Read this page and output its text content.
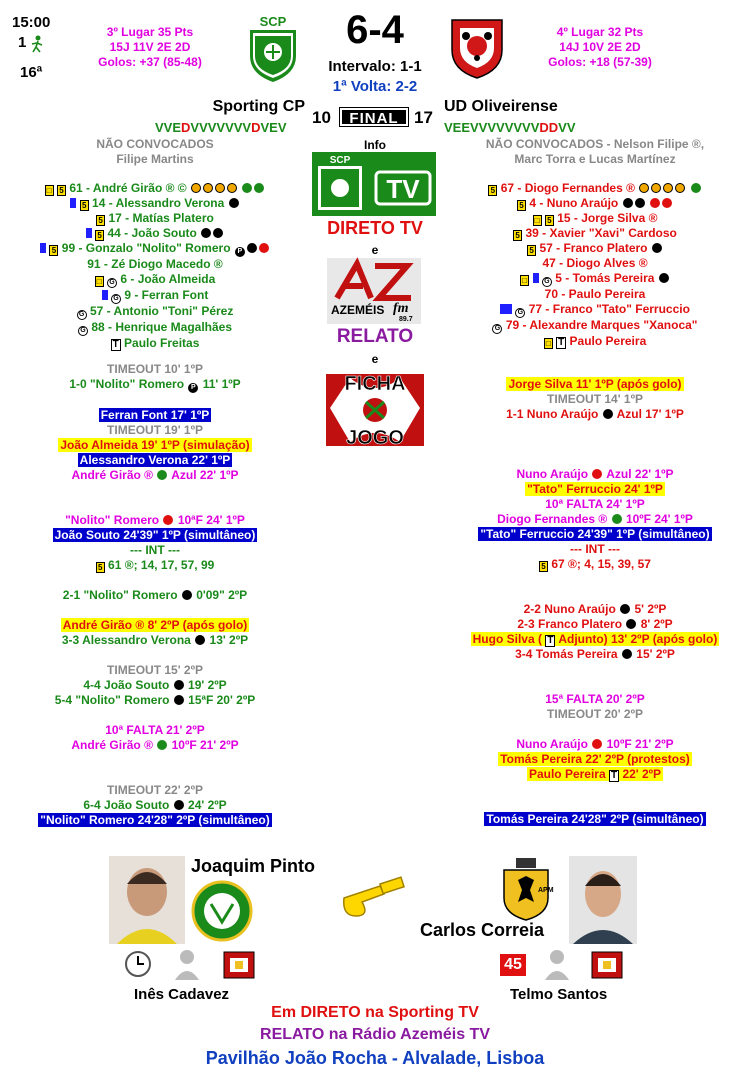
15:00
1
16ª
3º Lugar 35 Pts
15J 11V 2E 2D
Golos: +37 (85-48)
SCP	6-4
Intervalo: 1-1
1ª Volta: 2-2
4º Lugar 32 Pts
14J 10V 2E 2D
Golos: +18 (57-39)
Sporting CP
10	FINAL 17
UD Oliveirense
VVEDVVVVVVVDVEV	VEEVVVVVVVVDDVV
NÃO CONVOCADOS
Filipe Martins
□ 5 61 - André Girão ® ©
5 14 - Alessandro Verona
5 17 - Matías Platero
5 44 - João Souto
5 99 - Gonzalo "Nolito" Romero P
91 - Zé Diogo Macedo ®
□ G 6 - João Almeida
G 9 - Ferran Font
G 57 - Antonio "Toni" Pérez
G 88 - Henrique Magalhães
T Paulo Freitas
NÃO CONVOCADOS - Nelson Filipe ®,
Marc Torra e Lucas Martínez
5 67 - Diogo Fernandes ®
5 4 - Nuno Araújo
□ 5 15 - Jorge Silva ®
5 39 - Xavier "Xavi" Cardoso
5 57 - Franco Platero
47 - Diogo Alves ®
□ G 5 - Tomás Pereira
70 - Paulo Pereira
G 77 - Franco "Tato" Ferruccio
G 79 - Alexandre Marques "Xanoca"
□ T Paulo Pereira
Info
SCP
TV
DIRETO TV
e
AZEMÉIS fm
89.7
RELATO
e
FICHA
JOGO
TIMEOUT 10' 1ºP
1-0 "Nolito" Romero P 11' 1ºP

Ferran Font 17' 1ºP
TIMEOUT 19' 1ºP
João Almeida 19' 1ºP (simulação)
Alessandro Verona 22' 1ºP
André Girão ® Azul 22' 1ºP

"Nolito" Romero 10ªF 24' 1ºP
João Souto 24'39" 1ºP (simultâneo)
--- INT ---
5 61 ®; 14, 17, 57, 99

2-1 "Nolito" Romero 0'09" 2ºP

André Girão ® 8' 2ºP (após golo)
3-3 Alessandro Verona 13' 2ºP

TIMEOUT 15' 2ºP
4-4 João Souto 19' 2ºP
5-4 "Nolito" Romero 15ªF 20' 2ºP

10ª FALTA 21' 2ºP
André Girão ® 10ºF 21' 2ºP

TIMEOUT 22' 2ºP
6-4 João Souto 24' 2ºP
"Nolito" Romero 24'28" 2ºP (simultâneo)
Jorge Silva 11' 1ºP (após golo)
TIMEOUT 14' 1ºP
1-1 Nuno Araújo Azul 17' 1ºP

Nuno Araújo Azul 22' 1ºP
"Tato" Ferruccio 24' 1ºP
10ª FALTA 24' 1ºP
Diogo Fernandes ® 10ºF 24' 1ºP
"Tato" Ferruccio 24'39" 1ºP (simultâneo)
--- INT ---
5 67 ®; 4, 15, 39, 57

2-2 Nuno Araújo 5' 2ºP
2-3 Franco Platero 8' 2ºP
Hugo Silva ( T Adjunto) 13' 2ºP (após golo)
3-4 Tomás Pereira 15' 2ºP

15ª FALTA 20' 2ºP
TIMEOUT 20' 2ºP

Nuno Araújo 10ºF 21' 2ºP
Tomás Pereira 22' 2ºP (protestos)
Paulo Pereira T 22' 2ºP

Tomás Pereira 24'28" 2ºP (simultâneo)
Joaquim Pinto
APM
Carlos Correia
Inês Cadavez
45
Telmo Santos
Em DIRETO na Sporting TV
RELATO na Rádio Azeméis TV
Pavilhão João Rocha - Alvalade, Lisboa
